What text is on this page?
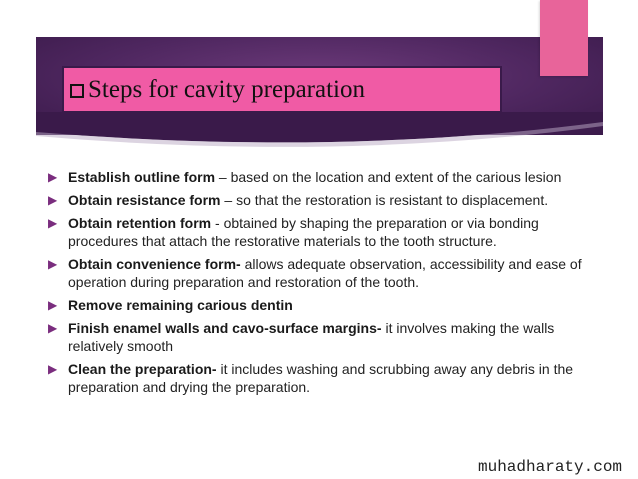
Steps for cavity preparation
▶ Establish outline form – based on the location and extent of the carious lesion
▶ Obtain resistance form – so that the restoration is resistant to displacement.
▶ Obtain retention form - obtained by shaping the preparation or via bonding procedures that attach the restorative materials to the tooth structure.
▶ Obtain convenience form- allows adequate observation, accessibility and ease of operation during preparation and restoration of the tooth.
▶ Remove remaining carious dentin
▶ Finish enamel walls and cavo-surface margins- it involves making the walls relatively smooth
▶ Clean the preparation- it includes washing and scrubbing away any debris in the preparation and drying the preparation.
muhadharaty.com
